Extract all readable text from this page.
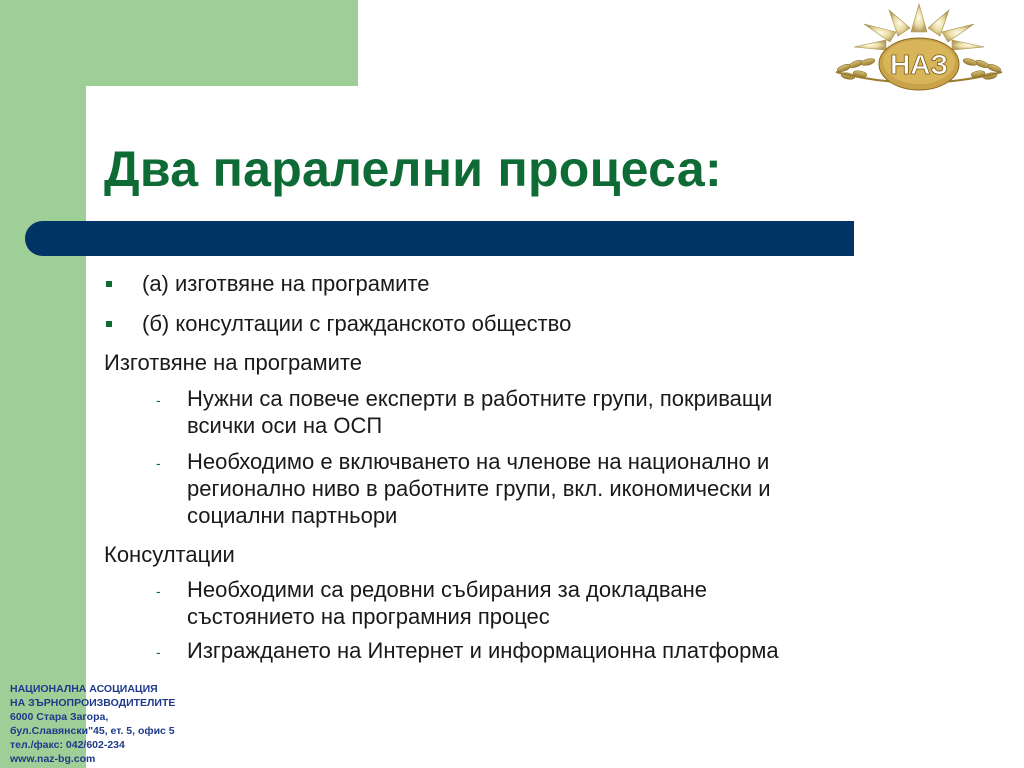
НАЗ
Два паралелни процеса:
(а) изготвяне на програмите
(б) консултации с гражданското общество
Изготвяне на програмите
- Нужни са повече експерти в работните групи, покриващи
всички оси на ОСП
- Необходимо е включването на членове на национално и
регионално ниво в работните групи, вкл. икономически и
социални партньори
Консултации
- Необходими са редовни събирания за докладване
състоянието на програмния процес
- Изграждането на Интернет и информационна платформа
НАЦИОНАЛНА АСОЦИАЦИЯ
НА ЗЪРНОПРОИЗВОДИТЕЛИТЕ
6000 Стара Загора,
бул.Славянски"45, ет. 5, офис 5
тел./факс: 042/602-234
www.naz-bg.com
